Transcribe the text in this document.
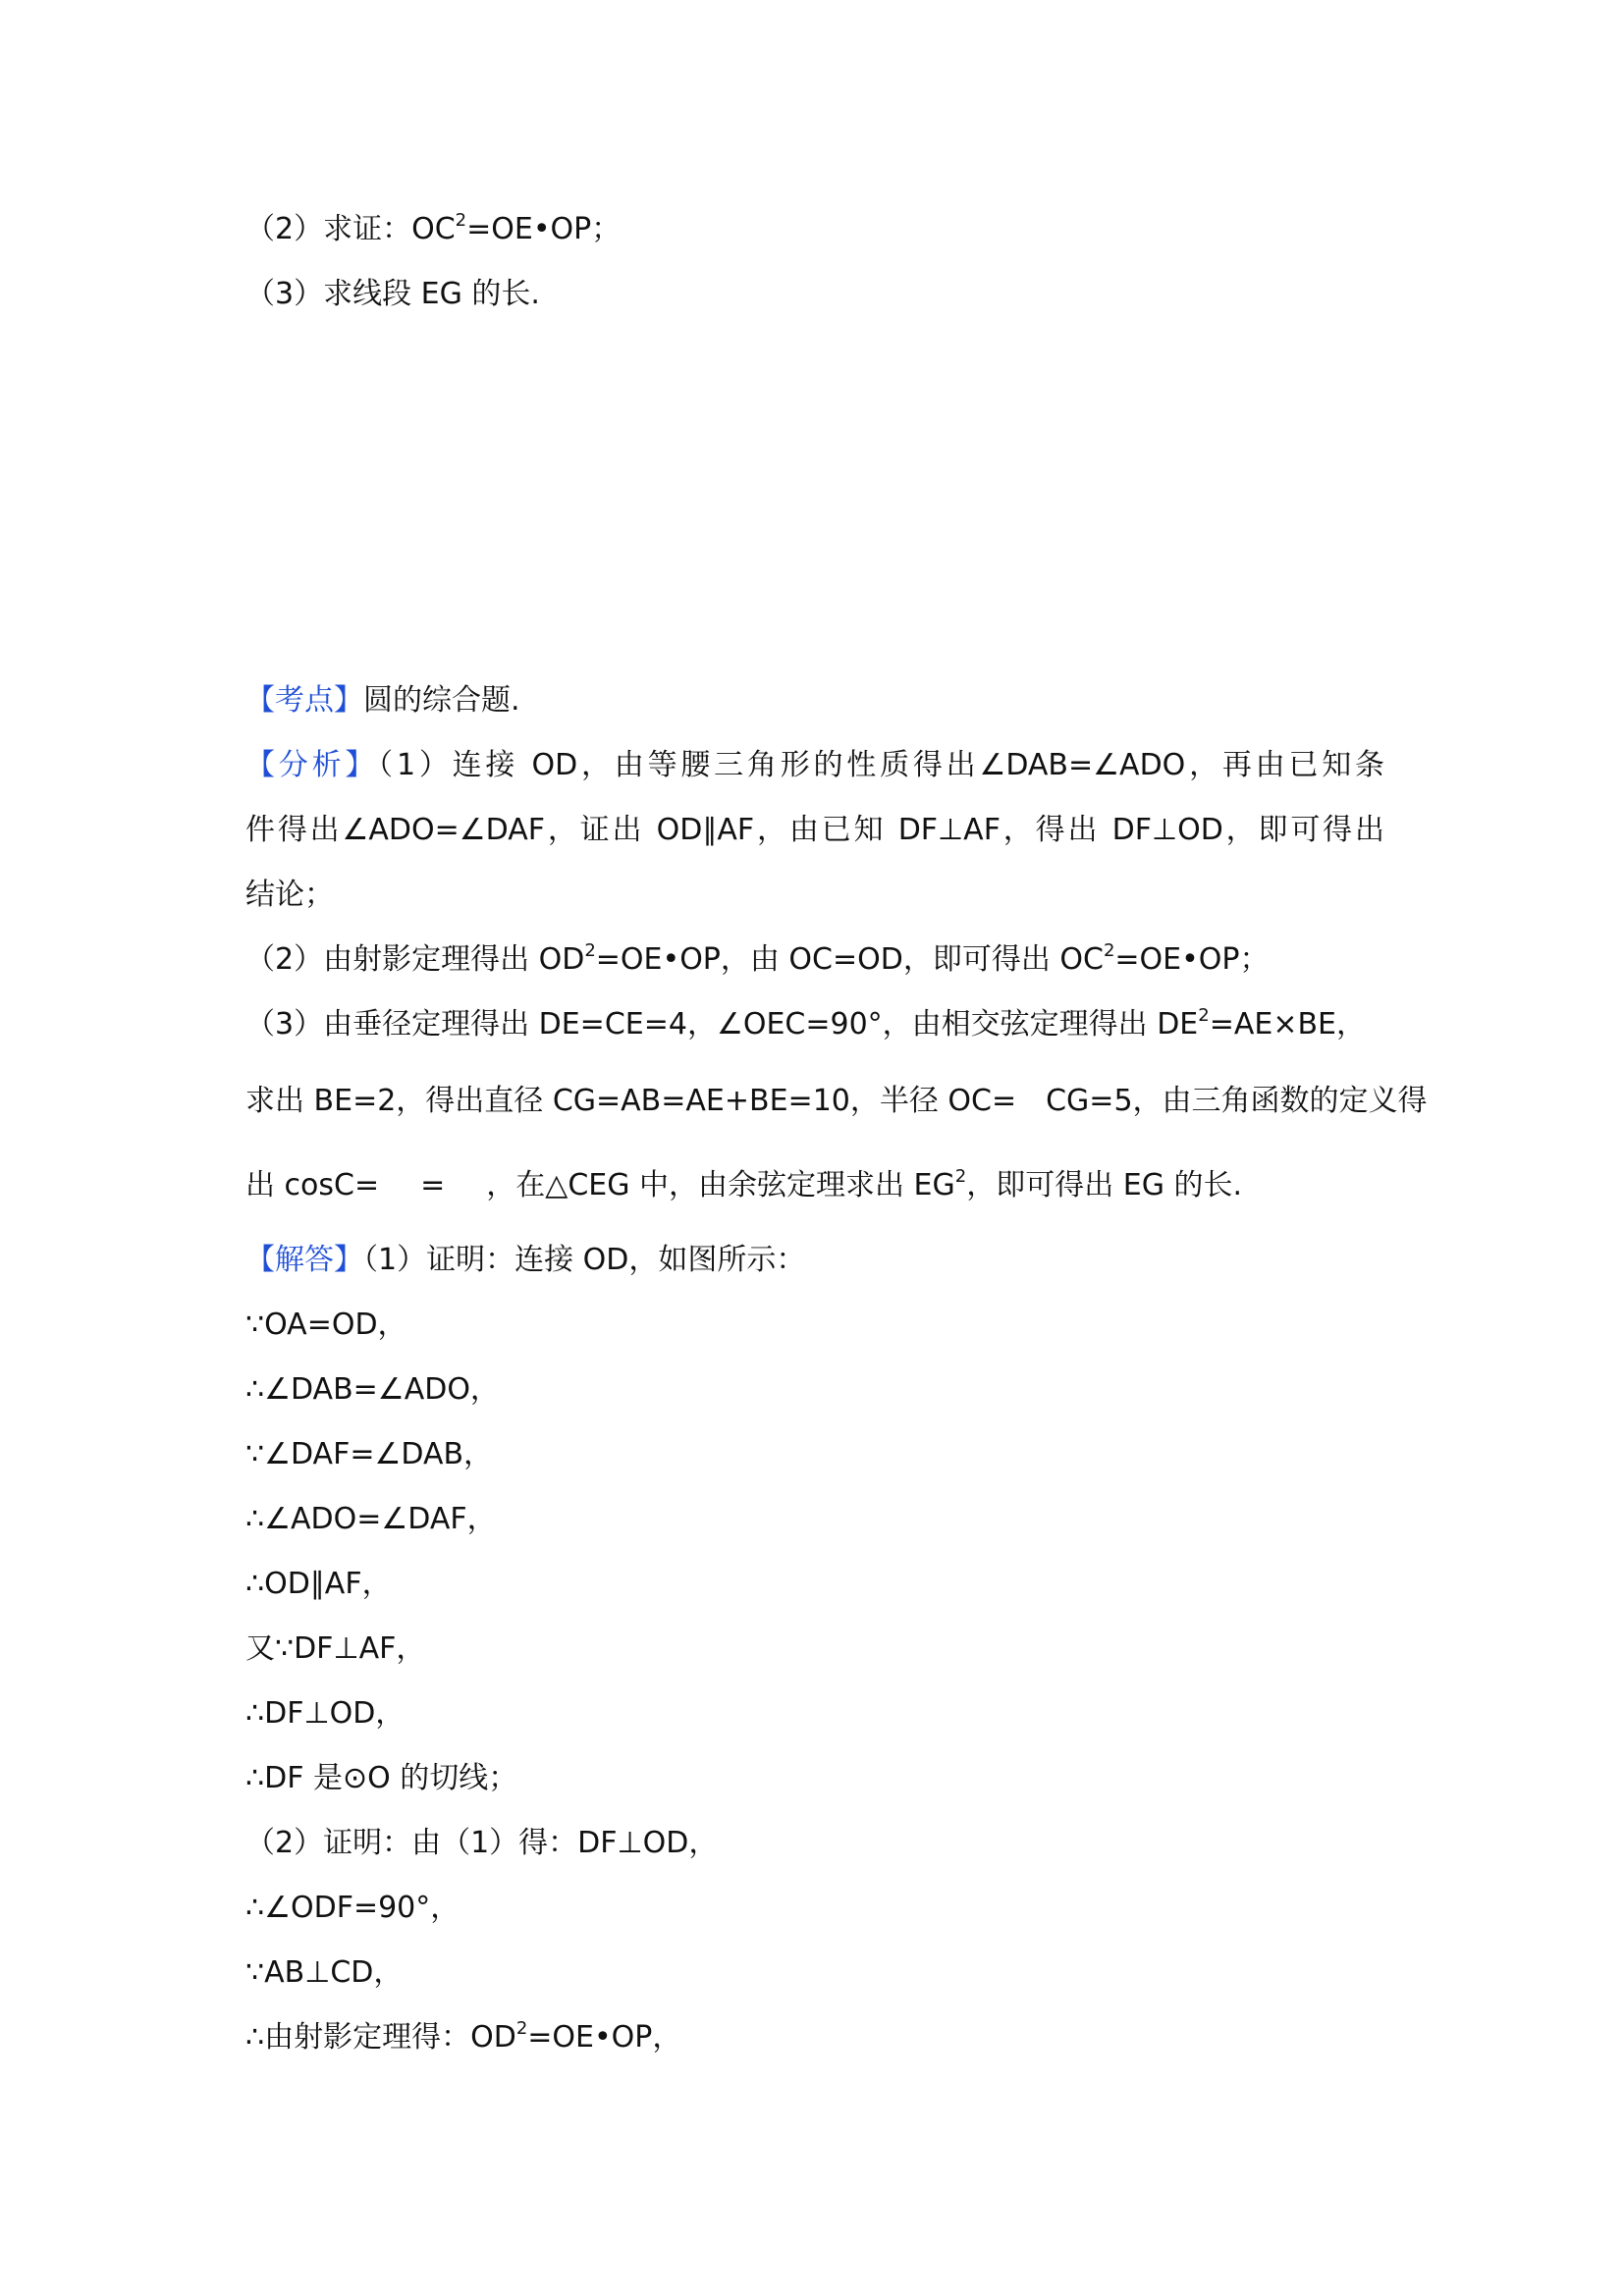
（2）求证：$OC^2=OE•OP$；
（3）求线段 EG 的长.
【考点】圆的综合题.
【分析】（1）连接 OD，由等腰三角形的性质得出∠DAB=∠ADO，再由已知条
件得出∠ADO=∠DAF，证出 OD∥AF，由已知 DF⊥AF，得出 DF⊥OD，即可得出
结论；
（2）由射影定理得出 $OD^2=OE•OP$，由 OC=OD，即可得出 $OC^2=OE•OP$；
（3）由垂径定理得出 DE=CE=4，∠OEC=90°，由相交弦定理得出 $DE^2=AE\times BE$，
求出 BE=2，得出直径 CG=AB=AE+BE=10，半径 OC= CG=5，由三角函数的定义得
出 cosC= = ，在△CEG 中，由余弦定理求出 $EG^2$，即可得出 EG 的长.
【解答】（1）证明：连接 OD，如图所示：
∵OA=OD，
∴∠DAB=∠ADO，
∵∠DAF=∠DAB，
∴∠ADO=∠DAF，
∴OD∥AF，
又∵DF⊥AF，
∴DF⊥OD，
∴DF 是⊙O 的切线；
（2）证明：由（1）得：DF⊥OD，
∴∠ODF=90°，
∵AB⊥CD，
∴由射影定理得：$OD^2=OE•OP$，
